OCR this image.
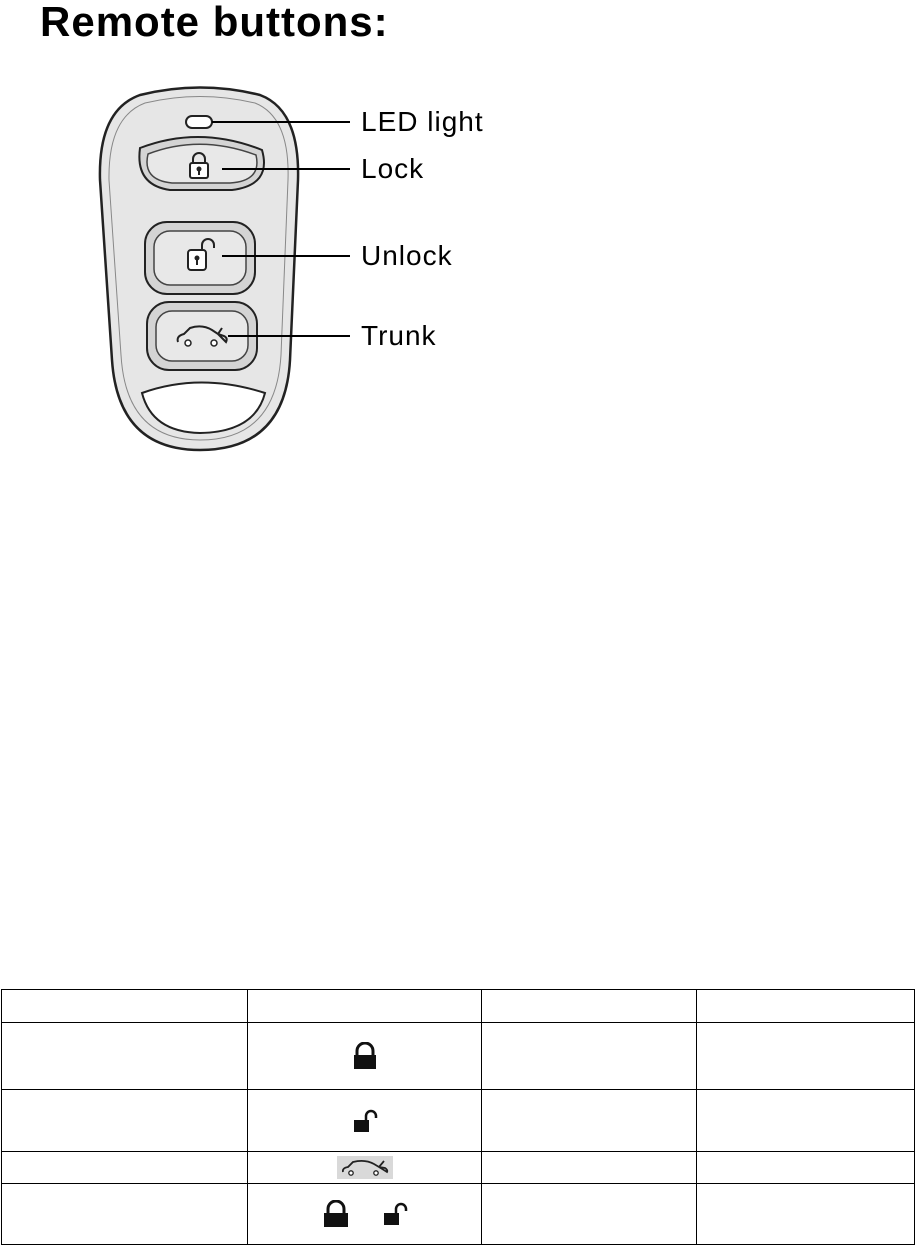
Remote buttons:
LED light
Lock
Unlock
Trunk
